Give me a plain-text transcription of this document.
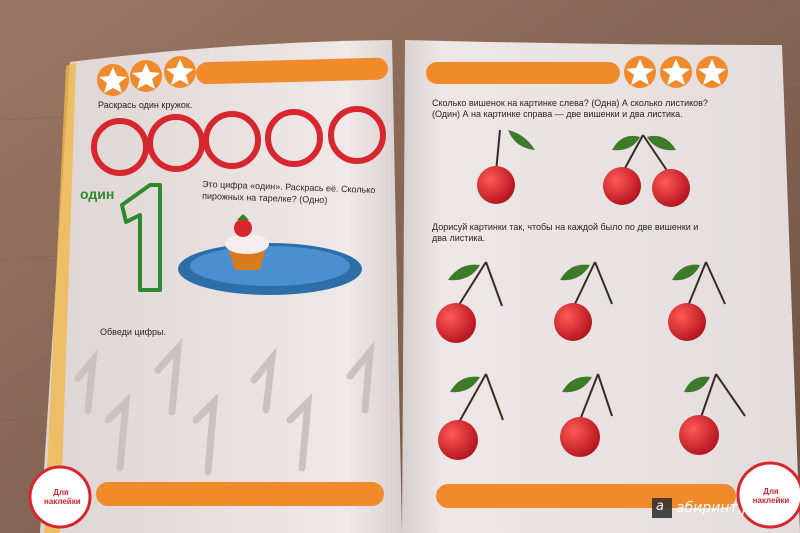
Раскрась один кружок.
один
1
Это цифра «один». Раскрась её. Сколько
пирожных на тарелке? (Одно)
Обведи цифры.
Для
наклейки
Сколько вишенок на картинке слева? (Одна) А сколько листиков?
(Один) А на картинке справа — две вишенки и два листика.
Дорисуй картинки так, чтобы на каждой было по две вишенки и
два листика.
Для
наклейки
a абиринт.ру
